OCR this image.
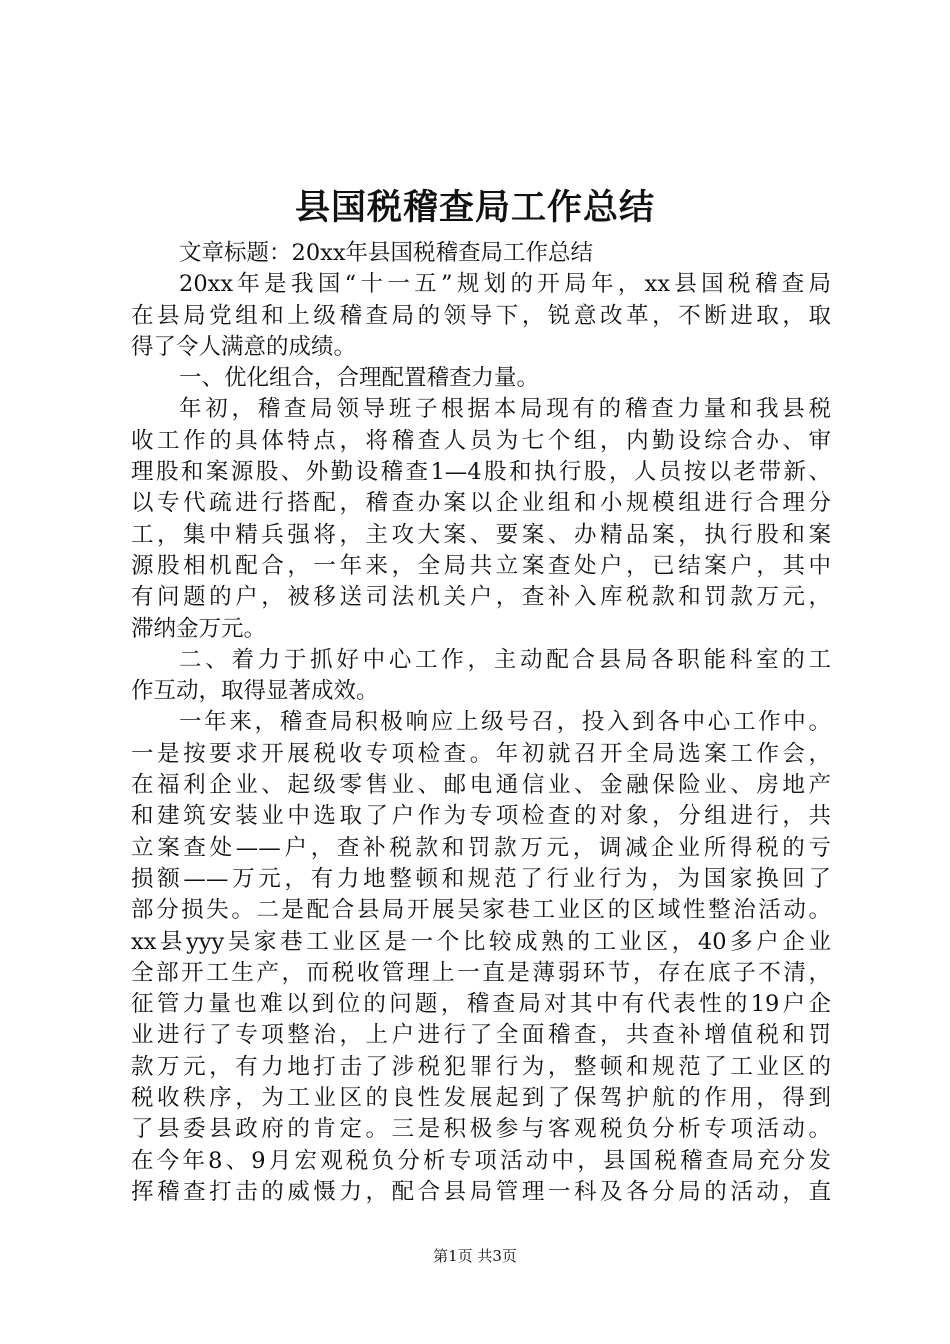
县国税稽查局工作总结
文章标题：20xx年县国税稽查局工作总结
20xx年是我国“十一五”规划的开局年，xx县国税稽查局
在县局党组和上级稽查局的领导下，锐意改革，不断进取，取
得了令人满意的成绩。
一、优化组合，合理配置稽查力量。
年初，稽查局领导班子根据本局现有的稽查力量和我县税
收工作的具体特点，将稽查人员为七个组，内勤设综合办、审
理股和案源股、外勤设稽查1—4股和执行股，人员按以老带新、
以专代疏进行搭配，稽查办案以企业组和小规模组进行合理分
工，集中精兵强将，主攻大案、要案、办精品案，执行股和案
源股相机配合，一年来，全局共立案查处户，已结案户，其中
有问题的户，被移送司法机关户，查补入库税款和罚款万元，
滞纳金万元。
二、着力于抓好中心工作，主动配合县局各职能科室的工
作互动，取得显著成效。
一年来，稽查局积极响应上级号召，投入到各中心工作中。
一是按要求开展税收专项检查。年初就召开全局选案工作会，
在福利企业、起级零售业、邮电通信业、金融保险业、房地产
和建筑安装业中选取了户作为专项检查的对象，分组进行，共
立案查处——户，查补税款和罚款万元，调减企业所得税的亏
损额——万元，有力地整顿和规范了行业行为，为国家换回了
部分损失。二是配合县局开展吴家巷工业区的区域性整治活动。
xx县yyy吴家巷工业区是一个比较成熟的工业区，40多户企业
全部开工生产，而税收管理上一直是薄弱环节，存在底子不清，
征管力量也难以到位的问题，稽查局对其中有代表性的19户企
业进行了专项整治，上户进行了全面稽查，共查补增值税和罚
款万元，有力地打击了涉税犯罪行为，整顿和规范了工业区的
税收秩序，为工业区的良性发展起到了保驾护航的作用，得到
了县委县政府的肯定。三是积极参与客观税负分析专项活动。
在今年8、9月宏观税负分析专项活动中，县国税稽查局充分发
挥稽查打击的威慑力，配合县局管理一科及各分局的活动，直
第1页 共3页
